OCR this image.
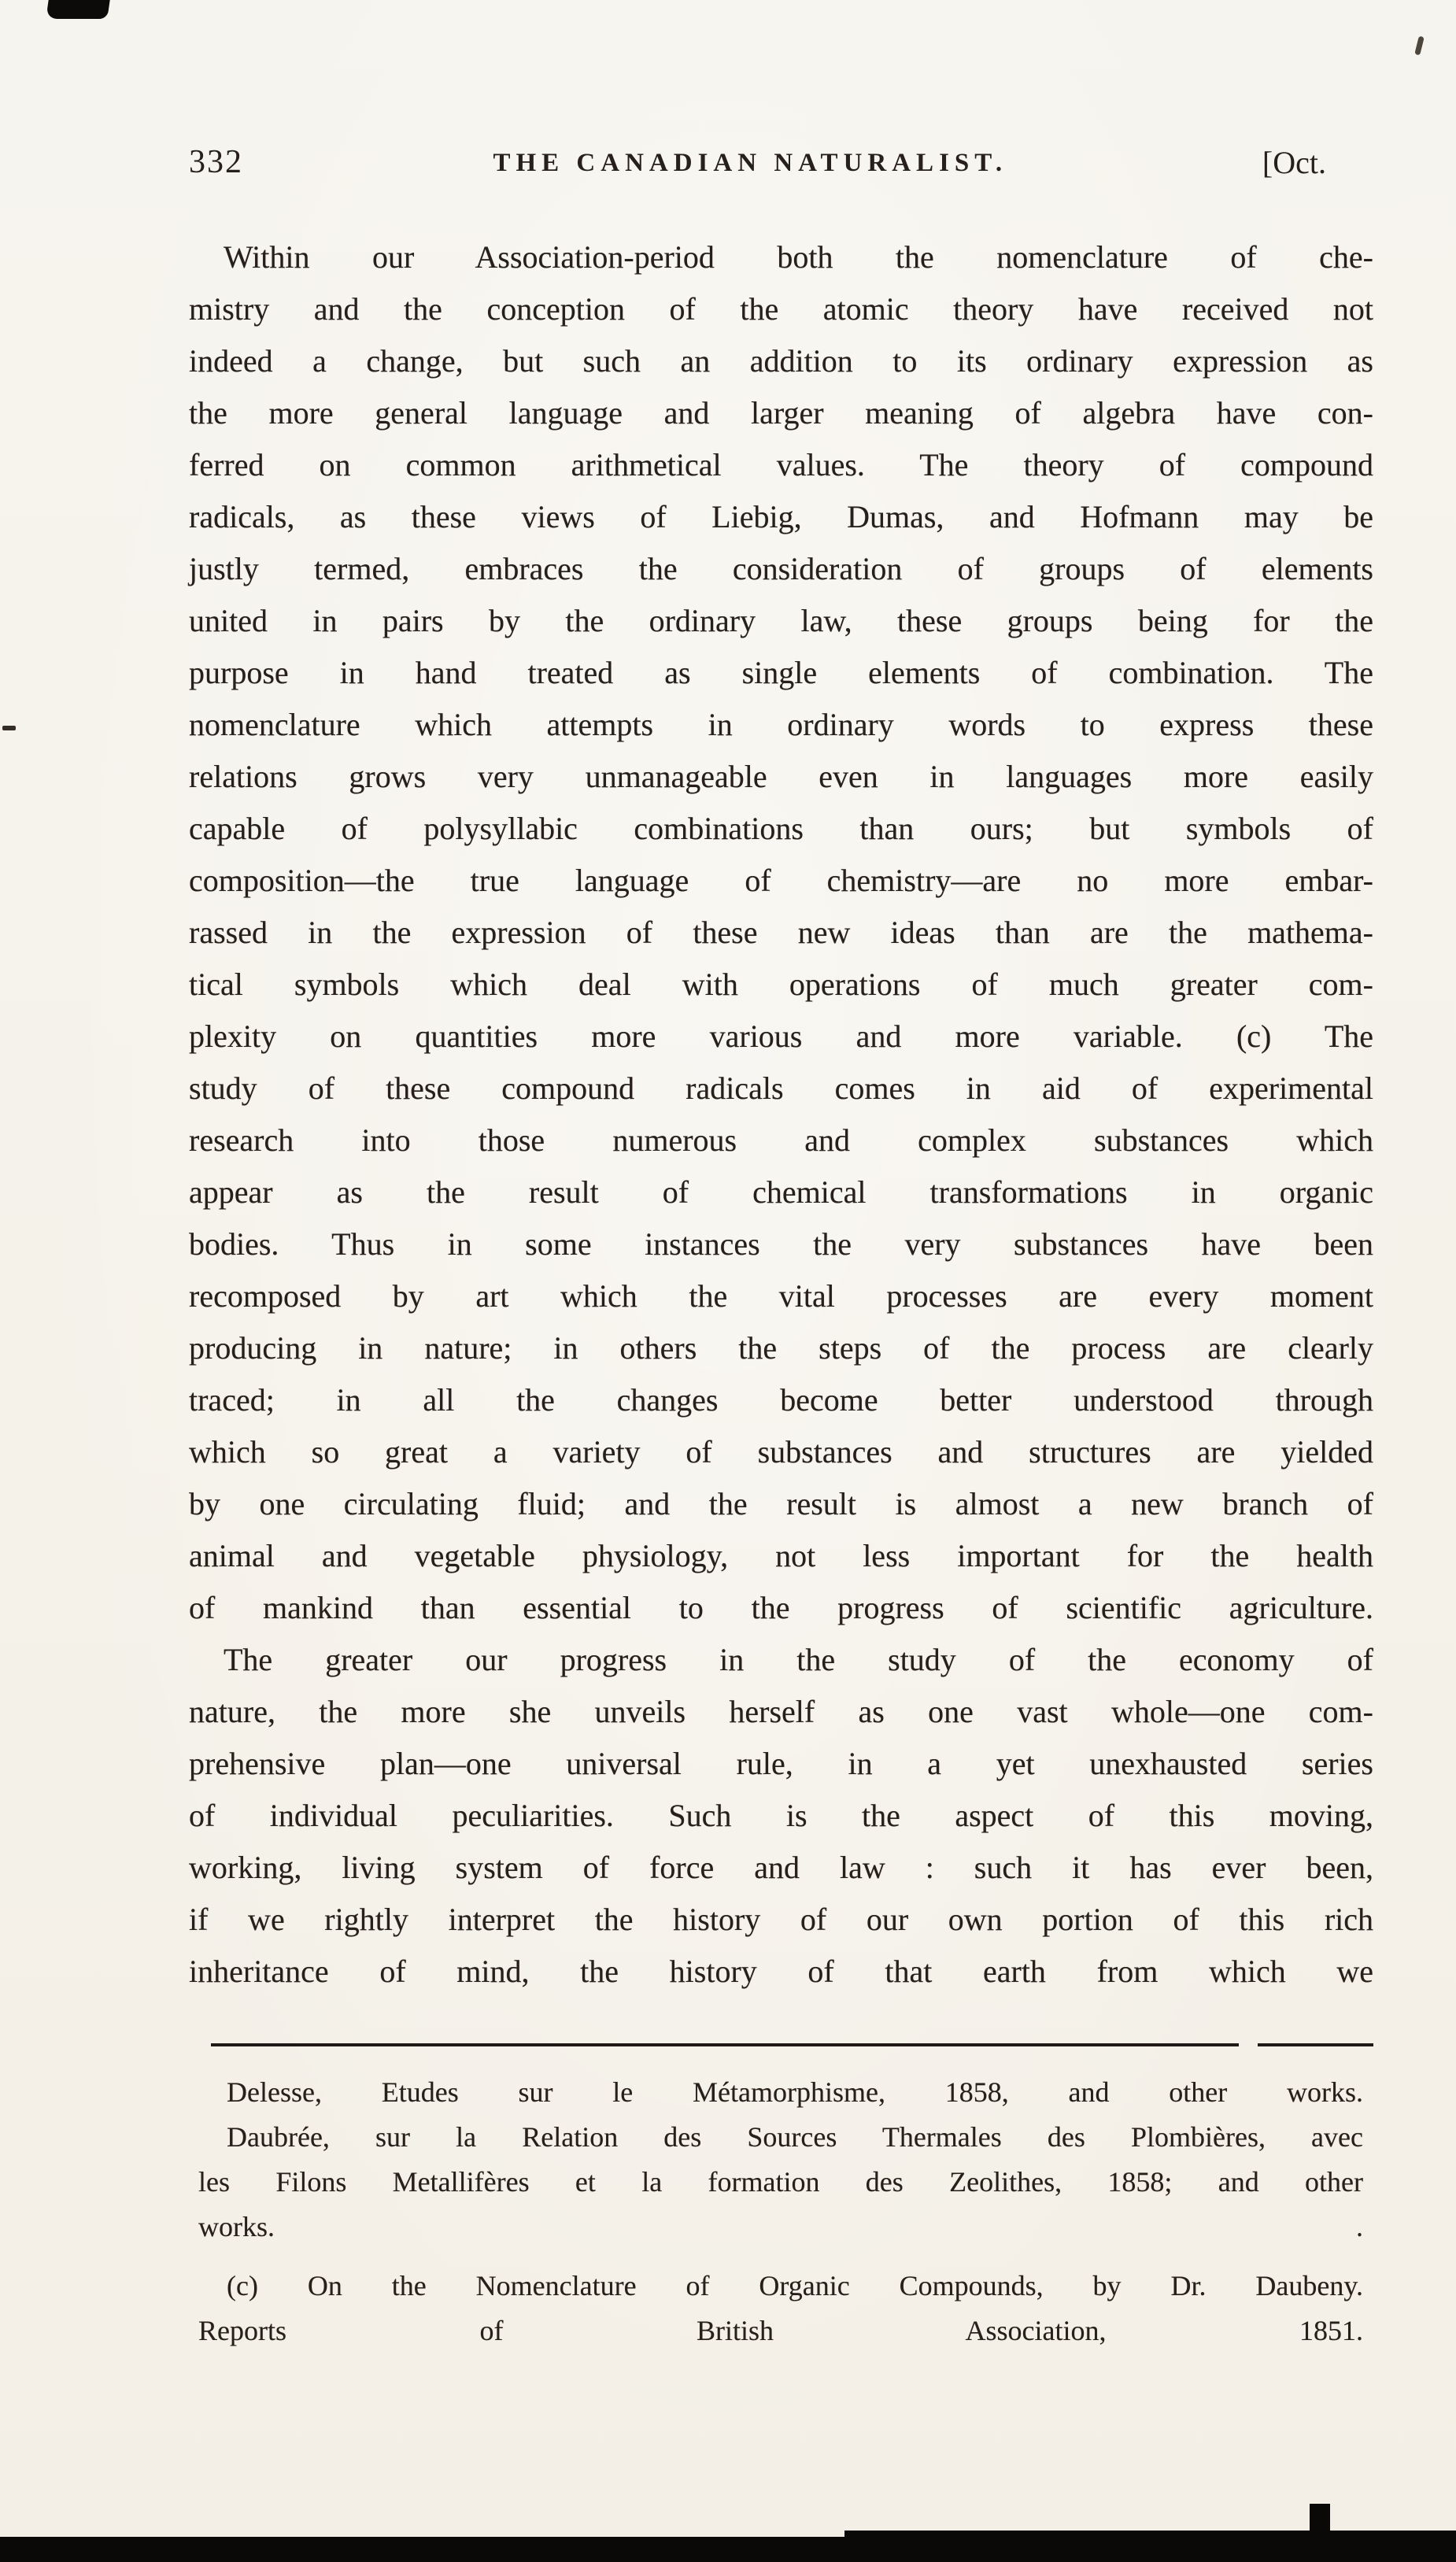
332	THE CANADIAN NATURALIST.	[Oct.
Within our Association-period both the nomenclature of che-
mistry and the conception of the atomic theory have received not
indeed a change, but such an addition to its ordinary expression as
the more general language and larger meaning of algebra have con-
ferred on common arithmetical values. The theory of compound
radicals, as these views of Liebig, Dumas, and Hofmann may be
justly termed, embraces the consideration of groups of elements
united in pairs by the ordinary law, these groups being for the
purpose in hand treated as single elements of combination. The
nomenclature which attempts in ordinary words to express these
relations grows very unmanageable even in languages more easily
capable of polysyllabic combinations than ours; but symbols of
composition—the true language of chemistry—are no more embar-
rassed in the expression of these new ideas than are the mathema-
tical symbols which deal with operations of much greater com-
plexity on quantities more various and more variable. (c) The
study of these compound radicals comes in aid of experimental
research into those numerous and complex substances which
appear as the result of chemical transformations in organic
bodies. Thus in some instances the very substances have been
recomposed by art which the vital processes are every moment
producing in nature; in others the steps of the process are clearly
traced; in all the changes become better understood through
which so great a variety of substances and structures are yielded
by one circulating fluid; and the result is almost a new branch of
animal and vegetable physiology, not less important for the health
of mankind than essential to the progress of scientific agriculture.
The greater our progress in the study of the economy of
nature, the more she unveils herself as one vast whole—one com-
prehensive plan—one universal rule, in a yet unexhausted series
of individual peculiarities. Such is the aspect of this moving,
working, living system of force and law : such it has ever been,
if we rightly interpret the history of our own portion of this rich
inheritance of mind, the history of that earth from which we
Delesse, Etudes sur le Métamorphisme, 1858, and other works.
Daubrée, sur la Relation des Sources Thermales des Plombières, avec
les Filons Metallifères et la formation des Zeolithes, 1858; and other
works. .
(c) On the Nomenclature of Organic Compounds, by Dr. Daubeny.
Reports of British Association, 1851.
